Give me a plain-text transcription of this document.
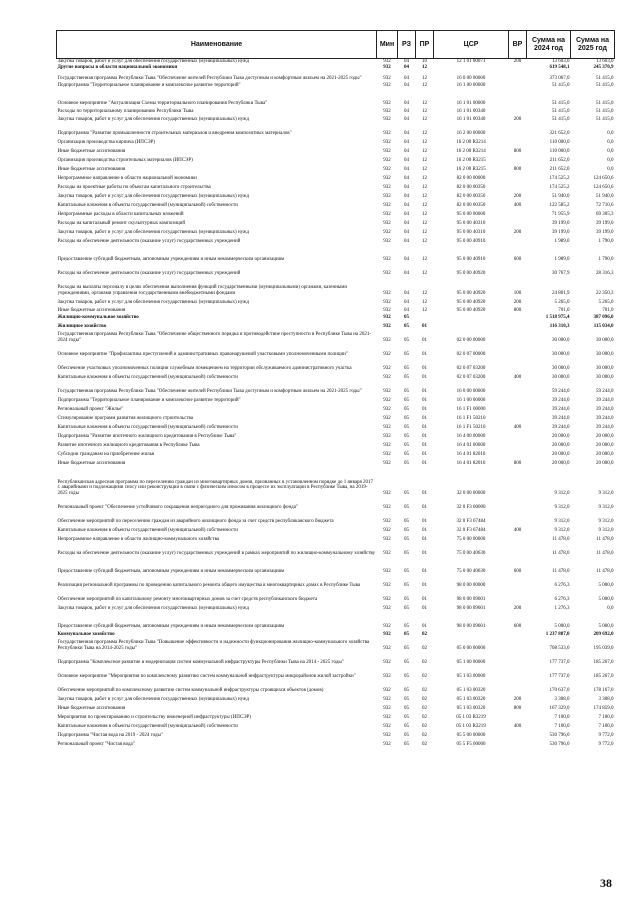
Наименование	Мин	РЗ	ПР	ЦСР	ВР	Сумма на 2024 год	Сумма на 2025 год
Закупка товаров, работ и услуг для обеспечения государственных (муниципальных) нужд	932	04	10	12 1 01 00071	200	13 603,0	13 603,0
Другие вопросы в области национальной экономики	932	04	12			619 548,1	245 370,9
Государственная программа Республики Тыва "Обеспечение жителей Республики Тыва доступным и комфортным жильем на 2021-2025 годы"	932	04	12	16 0 00 00000		373 067,0	51 415,0
Подпрограмма "Территориальное планирование и комплексное развитие территорий"	932	04	12	16 1 00 00000		51 415,0	51 415,0
Основное мероприятие "Актуализация Схемы территориального планирования Республики Тыва"	932	04	12	16 1 01 00000		51 415,0	51 415,0
Расходы по территориальному планированию Республики Тыва	932	04	12	16 1 01 00340		51 415,0	51 415,0
Закупка товаров, работ и услуг для обеспечения государственных (муниципальных) нужд	932	04	12	16 1 01 00340	200	51 415,0	51 415,0
Подпрограмма "Развитие промышленности строительных материалов и внедрения композитных материалов"	932	04	12	16 2 00 00000		321 652,0	0,0
Организация производства кирпича (ИПСЭР)	932	04	12	16 2 00 R3214		110 000,0	0,0
Иные бюджетные ассигнования	932	04	12	16 2 00 R3214	800	110 000,0	0,0
Организация производства строительных материалов (ИПСЭР)	932	04	12	16 2 00 R3215		211 652,0	0,0
Иные бюджетные ассигнования	932	04	12	16 2 00 R3215	800	211 652,0	0,0
Непрограммное направление в области национальной экономики	932	04	12	82 0 00 00000		174 525,2	124 650,6
Расходы на проектные работы по объектам капитального строительства	932	04	12	82 0 00 00350		174 525,2	124 650,6
Закупка товаров, работ и услуг для обеспечения государственных (муниципальных) нужд	932	04	12	82 0 00 00350	200	51 940,0	51 940,0
Капитальные вложения в объекты государственной (муниципальной) собственности	932	04	12	82 0 00 00350	400	122 585,2	72 710,6
Непрограммные расходы в области капитальных вложений	932	04	12	95 0 00 00000		71 955,9	69 305,3
Расходы на капитальный ремонт скульптурных композиций	932	04	12	95 0 00 40310		39 199,0	39 199,0
Закупка товаров, работ и услуг для обеспечения государственных (муниципальных) нужд	932	04	12	95 0 00 40310	200	39 199,0	39 199,0
Расходы на обеспечение деятельности (оказание услуг) государственных учреждений	932	04	12	95 0 00 40910		1 989,0	1 790,0
Предоставление субсидий бюджетным, автономным учреждениям и иным некоммерческим организациям	932	04	12	95 0 00 40910	600	1 989,0	1 790,0
Расходы на обеспечение деятельности (оказание услуг) государственных учреждений	932	04	12	95 0 00 40920		30 767,9	28 316,3
Расходы на выплаты персоналу в целях обеспечения выполнения функций государственными (муниципальными) органами, казенными учреждениями, органами управления государственными внебюджетными фондами	932	04	12	95 0 00 40920	100	24 801,9	22 350,3
Закупка товаров, работ и услуг для обеспечения государственных (муниципальных) нужд	932	04	12	95 0 00 40920	200	5 265,0	5 265,0
Иные бюджетные ассигнования	932	04	12	95 0 00 40920	800	701,0	701,0
Жилищно-коммунальное хозяйство	932	05				1 518 975,4	387 096,0
Жилищное хозяйство	932	05	01			116 310,3	115 034,0
Государственная программа Республики Тыва "Обеспечение общественного порядка и противодействие преступности в Республике Тыва на 2021-2024 годы"	932	05	01	02 0 00 00000		30 000,0	30 000,0
Основное мероприятие "Профилактика преступлений и административных правонарушений участковыми уполномоченными полиции"	932	05	01	02 0 07 00000		30 000,0	30 000,0
Обеспечение участковых уполномоченных полиции служебным помещением на территории обслуживаемого административного участка	932	05	01	02 0 07 03200		30 000,0	30 000,0
Капитальные вложения в объекты государственной (муниципальной) собственности	932	05	01	02 0 07 03200	400	30 000,0	30 000,0
Государственная программа Республики Тыва "Обеспечение жителей Республики Тыва доступным и комфортным жильем на 2021-2025 годы"	932	05	01	16 0 00 00000		59 244,0	59 244,0
Подпрограмма "Территориальное планирование и комплексное развитие территорий"	932	05	01	16 1 00 00000		39 244,0	39 244,0
Региональный проект "Жилье"	932	05	01	16 1 F1 00000		39 244,0	39 244,0
Стимулирование программ развития жилищного строительства	932	05	01	16 1 F1 50210		39 244,0	39 244,0
Капитальные вложения в объекты государственной (муниципальной) собственности	932	05	01	16 1 F1 50210	400	39 244,0	39 244,0
Подпрограмма "Развитие ипотечного жилищного кредитования в Республике Тыва"	932	05	01	16 4 00 00000		20 000,0	20 000,0
Развитие ипотечного жилищного кредитования в Республике Тыва	932	05	01	16 4 01 00000		20 000,0	20 000,0
Субсидии гражданам на приобретение жилья	932	05	01	16 4 01 82010		20 000,0	20 000,0
Иные бюджетные ассигнования	932	05	01	16 4 01 82010	800	20 000,0	20 000,0
Республиканская адресная программа по переселению граждан из многоквартирных домов, признанных в установленном порядке до 1 января 2017 г. аварийными и подлежащими сносу или реконструкции в связи с физическим износом в процессе их эксплуатации в Республике Тыва, на 2019-2025 годы	932	05	01	32 0 00 00000		9 312,0	9 312,0
Региональный проект "Обеспечение устойчивого сокращения непригодного для проживания жилищного фонда"	932	05	01	32 0 F3 00000		9 312,0	9 312,0
Обеспечение мероприятий по переселению граждан из аварийного жилищного фонда за счет средств республиканского бюджета	932	05	01	32 0 F3 67484		9 312,0	9 312,0
Капитальные вложения в объекты государственной (муниципальной) собственности	932	05	01	32 0 F3 67484	400	9 312,0	9 312,0
Непрограммное направление в области жилищно-коммунального хозяйства	932	05	01	75 0 00 00000		11 478,0	11 478,0
Расходы на обеспечение деятельности (оказание услуг) государственных учреждений в рамках мероприятий по жилищно-коммунальному хозяйству	932	05	01	75 0 00 40630		11 478,0	11 478,0
Предоставление субсидий бюджетным, автономным учреждениям и иным некоммерческим организациям	932	05	01	75 0 00 40630	600	11 478,0	11 478,0
Реализация региональной программы по проведению капитального ремонта общего имущества в многоквартирных домах в Республике Тыва	932	05	01	98 0 00 00000		6 276,3	5 000,0
Обеспечение мероприятий по капитальному ремонту многоквартирных домов за счет средств республиканского бюджета	932	05	01	98 0 00 09601		6 276,3	5 000,0
Закупка товаров, работ и услуг для обеспечения государственных (муниципальных) нужд	932	05	01	98 0 00 09601	200	1 276,3	0,0
Предоставление субсидий бюджетным, автономным учреждениям и иным некоммерческим организациям	932	05	01	98 0 00 09601	600	5 000,0	5 000,0
Коммунальное хозяйство	932	05	02			1 237 887,0	209 692,0
Государственная программа Республики Тыва "Повышение эффективности и надежности функционирования жилищно-коммунального хозяйства Республики Тыва на 2014-2025 годы"	932	05	02	05 0 00 00000		708 533,0	195 039,0
Подпрограмма "Комплексное развитие и модернизация систем коммунальной инфраструктуры Республики Тыва на 2014 - 2025 годы"	932	05	02	05 1 00 00000		177 737,0	185 267,0
Основное мероприятие "Мероприятия по комплексному развитию систем коммунальной инфраструктуры микрорайонов жилой застройки"	932	05	02	05 1 03 00000		177 737,0	185 267,0
Обеспечение мероприятий по комплексному развитию систем коммунальной инфраструктуры строящихся объектов (домов)	932	05	02	05 1 03 00320		170 637,0	178 167,0
Закупка товаров, работ и услуг для обеспечения государственных (муниципальных) нужд	932	05	02	05 1 03 00320	200	3 308,0	3 308,0
Иные бюджетные ассигнования	932	05	02	05 1 03 00320	800	167 329,0	174 859,0
Мероприятия по проектированию и строительству инженерной инфраструктуры (ИПСЭР)	932	05	02	05 1 03 R3219		7 100,0	7 100,0
Капитальные вложения в объекты государственной (муниципальной) собственности	932	05	02	05 1 03 R3219	400	7 100,0	7 100,0
Подпрограмма "Чистая вода на 2019 - 2024 годы"	932	05	02	05 5 00 00000		530 796,0	9 772,0
Региональный проект "Чистая вода"	932	05	02	05 5 F5 00000		530 796,0	9 772,0
38
